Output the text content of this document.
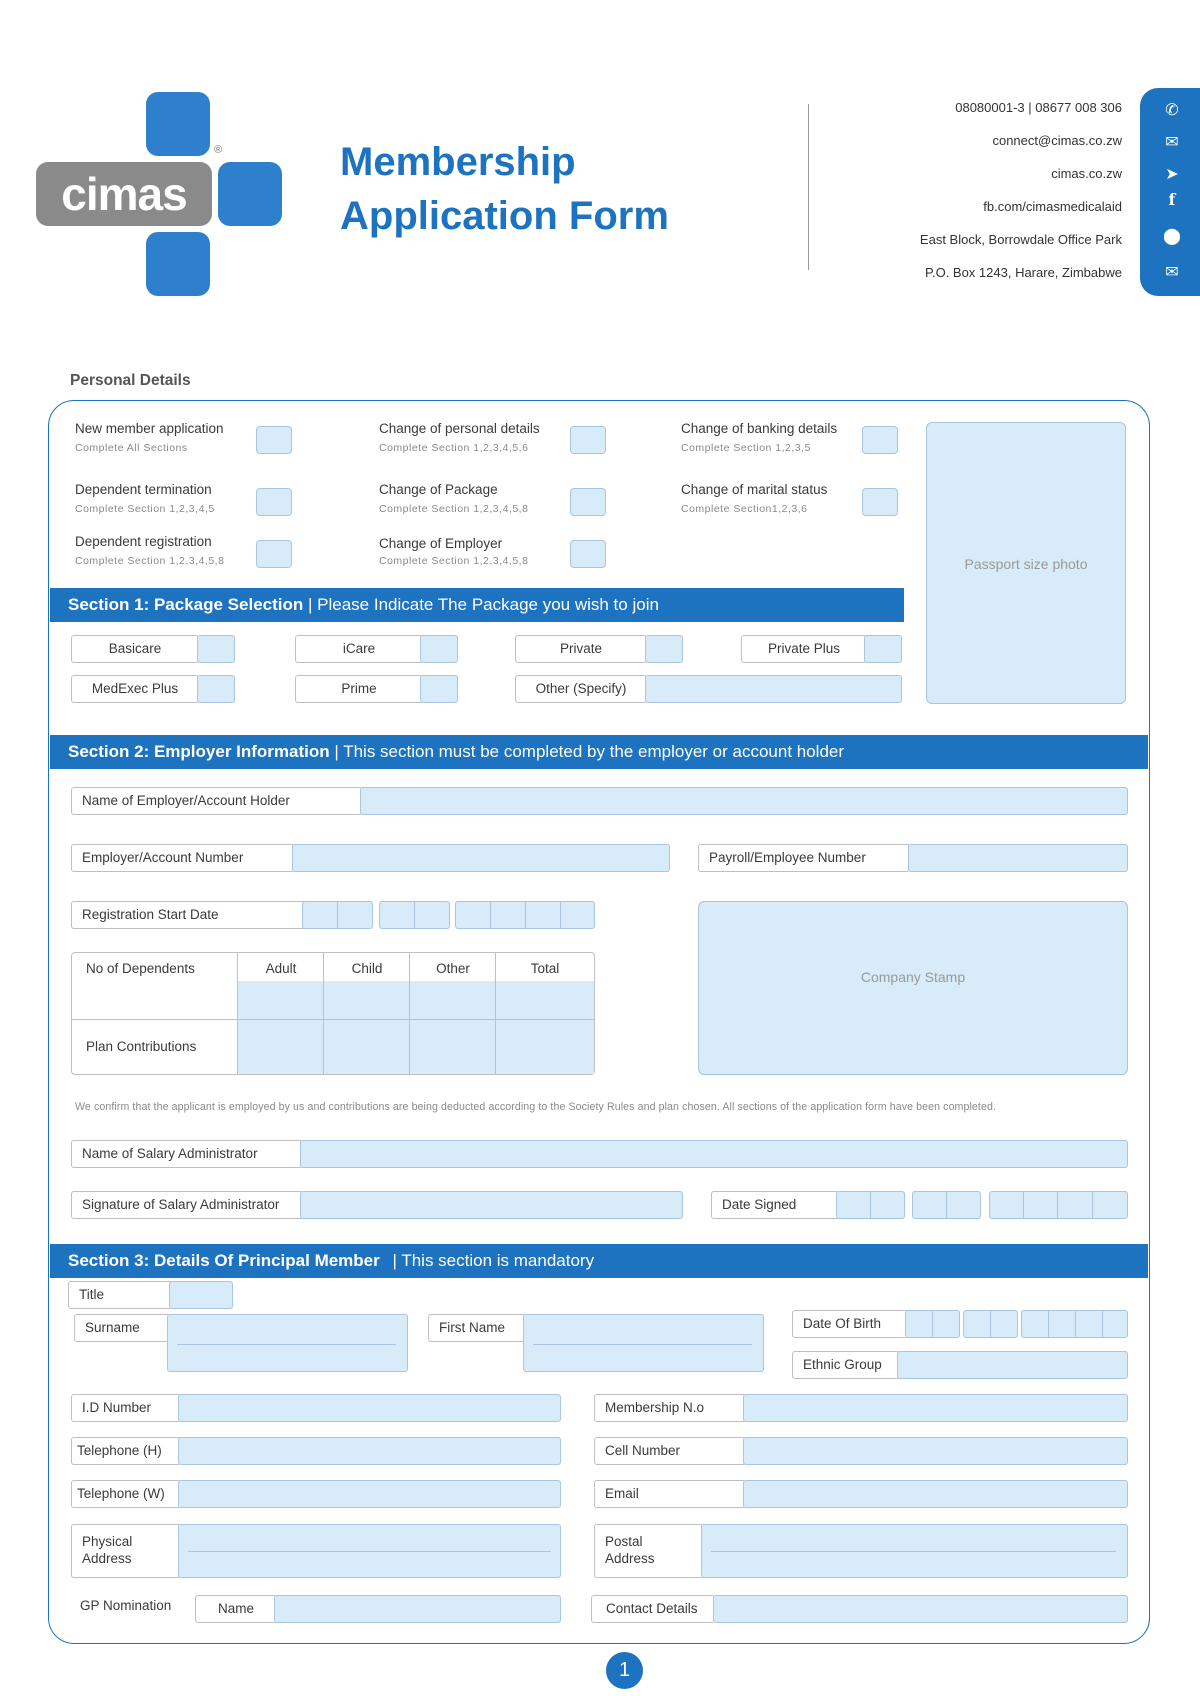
cimas
®	Membership
Application Form
08080001-3 | 08677 008 306
connect@cimas.co.zw
cimas.co.zw
fb.com/cimasmedicalaid
East Block, Borrowdale Office Park
P.O. Box 1243, Harare, Zimbabwe
✆
✉
➤
f
⬤
✉
Personal Details
New member application
Complete All Sections
Change of personal details
Complete Section 1,2,3,4,5,6
Change of banking details
Complete Section 1,2,3,5
Dependent termination
Complete Section 1,2,3,4,5
Change of Package
Complete Section 1,2,3,4,5,8
Change of marital status
Complete Section1,2,3,6
Dependent registration
Complete Section 1,2,3,4,5,8
Change of Employer
Complete Section 1,2,3,4,5,8	Passport size photo
Section 1: Package Selection | Please Indicate The Package you wish to join
Basicare	iCare	Private	Private Plus
MedExec Plus	Prime	Other (Specify)
Section 2: Employer Information | This section must be completed by the employer or account holder
Name of Employer/Account Holder
Employer/Account Number	Payroll/Employee Number
Registration Start Date
No of Dependents	Adult	Child	Other	Total
Plan Contributions
Company Stamp
We confirm that the applicant is employed by us and contributions are being deducted according to the Society Rules and plan chosen. All sections of the application form have been completed.
Name of Salary Administrator
Signature of Salary Administrator	Date Signed
Section 3: Details Of Principal Member | This section is mandatory
Title
Surname	First Name	Date Of Birth
Ethnic Group
I.D Number	Membership N.o
Telephone (H)	Cell Number
Telephone (W)	Email
Physical
Address
Postal
Address
GP Nomination	Name	Contact Details
1
